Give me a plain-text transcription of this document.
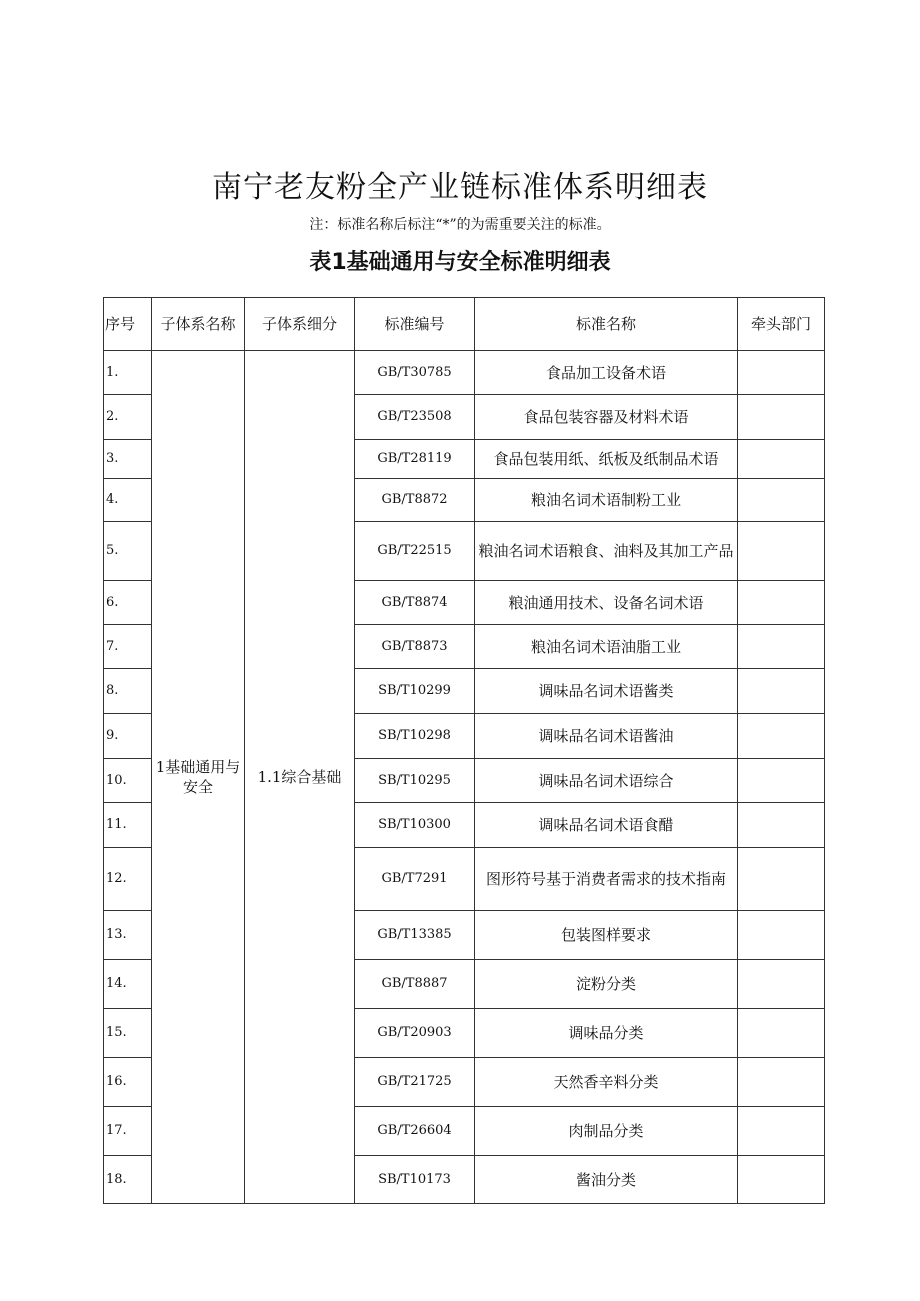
南宁老友粉全产业链标准体系明细表

注：标准名称后标注“*”的为需重要关注的标准。

表1基础通用与安全标准明细表
序号	子体系名称	子体系细分	标准编号	标准名称	牵头部门
1.	1基础通用与安全	1.1综合基础	GB/T30785	食品加工设备术语	
2.			GB/T23508	食品包装容器及材料术语	
3.			GB/T28119	食品包装用纸、纸板及纸制品术语	
4.			GB/T8872	粮油名词术语制粉工业	
5.			GB/T22515	粮油名词术语粮食、油料及其加工产品	
6.			GB/T8874	粮油通用技术、设备名词术语	
7.			GB/T8873	粮油名词术语油脂工业	
8.			SB/T10299	调味品名词术语酱类	
9.			SB/T10298	调味品名词术语酱油	
10.			SB/T10295	调味品名词术语综合	
11.			SB/T10300	调味品名词术语食醋	
12.			GB/T7291	图形符号基于消费者需求的技术指南	
13.			GB/T13385	包装图样要求	
14.			GB/T8887	淀粉分类	
15.			GB/T20903	调味品分类	
16.			GB/T21725	天然香辛料分类	
17.			GB/T26604	肉制品分类	
18.			SB/T10173	酱油分类	
